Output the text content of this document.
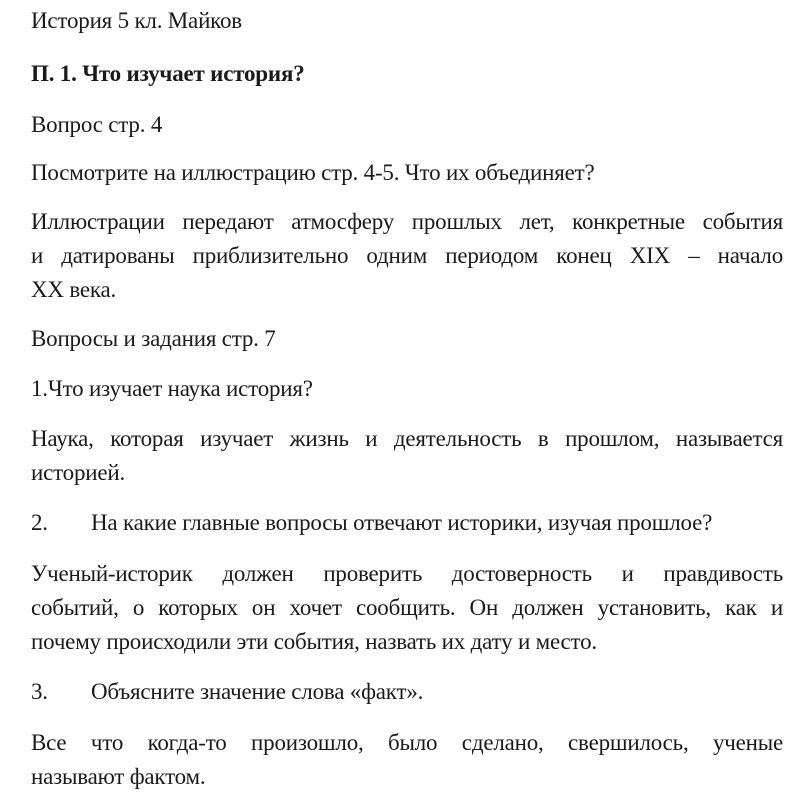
История 5 кл. Майков

П. 1. Что изучает история?

Вопрос стр. 4

Посмотрите на иллюстрацию стр. 4-5. Что их объединяет?

Иллюстрации передают атмосферу прошлых лет, конкретные события

и датированы приблизительно одним периодом конец XIX – начало

XX века.

Вопросы и задания стр. 7

1.Что изучает наука история?

Наука, которая изучает жизнь и деятельность в прошлом, называется

историей.

2. На какие главные вопросы отвечают историки, изучая прошлое?

Ученый-историк должен проверить достоверность и правдивость

событий, о которых он хочет сообщить. Он должен установить, как и

почему происходили эти события, назвать их дату и место.

3. Объясните значение слова «факт».

Все что когда-то произошло, было сделано, свершилось, ученые

называют фактом.
